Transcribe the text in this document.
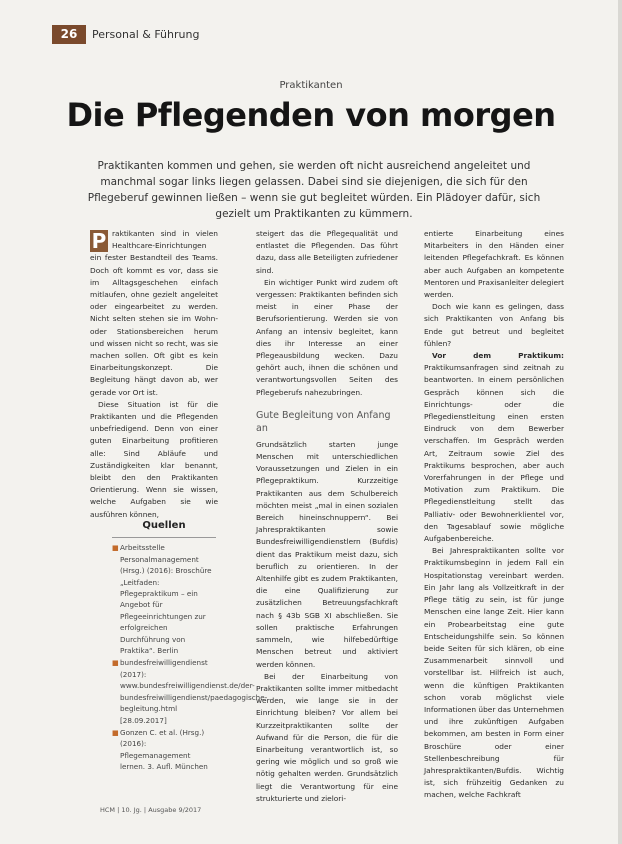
26	Personal & Führung
Praktikanten
Die Pflegenden von morgen
Praktikanten kommen und gehen, sie werden oft nicht ausreichend angeleitet und manchmal sogar links liegen gelassen. Dabei sind sie diejenigen, die sich für den Pflegeberuf gewinnen ließen – wenn sie gut begleitet würden. Ein Plädoyer dafür, sich gezielt um Praktikanten zu kümmern.

P raktikanten sind in vielen Healthcare-Einrichtungen ein fester Bestandteil des Teams. Doch oft kommt es vor, dass sie im Alltagsgeschehen einfach mitlaufen, ohne gezielt angeleitet oder eingearbeitet zu werden. Nicht selten stehen sie im Wohn- oder Stationsbereichen herum und wissen nicht so recht, was sie machen sollen. Oft gibt es kein Einarbeitungskonzept. Die Begleitung hängt davon ab, wer gerade vor Ort ist.

Diese Situation ist für die Praktikanten und die Pflegenden unbefriedigend. Denn von einer guten Einarbeitung profitieren alle: Sind Abläufe und Zuständigkeiten klar benannt, bleibt den den Praktikanten Orientierung. Wenn sie wissen, welche Aufgaben sie wie ausführen können,

steigert das die Pflegequalität und entlastet die Pflegenden. Das führt dazu, dass alle Beteiligten zufriedener sind.

Ein wichtiger Punkt wird zudem oft vergessen: Praktikanten befinden sich meist in einer Phase der Berufsorientierung. Werden sie von Anfang an intensiv begleitet, kann dies ihr Interesse an einer Pflegeausbildung wecken. Dazu gehört auch, ihnen die schönen und verantwortungsvollen Seiten des Pflegeberufs nahezubringen.

Gute Begleitung von Anfang an

Grundsätzlich starten junge Menschen mit unterschiedlichen Voraussetzungen und Zielen in ein Pflegepraktikum. Kurzzeitige Praktikanten aus dem Schulbereich möchten meist „mal in einen sozialen Bereich hineinschnuppern“. Bei Jahrespraktikanten sowie Bundesfreiwilligendienstlern (Bufdis) dient das Praktikum meist dazu, sich beruflich zu orientieren. In der Altenhilfe gibt es zudem Praktikanten, die eine Qualifizierung zur zusätzlichen Betreuungsfachkraft nach § 43b SGB XI abschließen. Sie sollen praktische Erfahrungen sammeln, wie hilfebedürftige Menschen betreut und aktiviert werden können.

Bei der Einarbeitung von Praktikanten sollte immer mitbedacht werden, wie lange sie in der Einrichtung bleiben? Vor allem bei Kurzzeitpraktikanten sollte der Aufwand für die Person, die für die Einarbeitung verantwortlich ist, so gering wie möglich und so groß wie nötig gehalten werden. Grundsätzlich liegt die Verantwortung für eine strukturierte und zielori-

entierte Einarbeitung eines Mitarbeiters in den Händen einer leitenden Pflegefachkraft. Es können aber auch Aufgaben an kompetente Mentoren und Praxisanleiter delegiert werden.

Doch wie kann es gelingen, dass sich Praktikanten von Anfang bis Ende gut betreut und begleitet fühlen?

Vor dem Praktikum: Praktikumsanfragen sind zeitnah zu beantworten. In einem persönlichen Gespräch können sich die Einrichtungs- oder die Pflegedienstleitung einen ersten Eindruck von dem Bewerber verschaffen. Im Gespräch werden Art, Zeitraum sowie Ziel des Praktikums besprochen, aber auch Vorerfahrungen in der Pflege und Motivation zum Praktikum. Die Pflegedienstleitung stellt das Palliativ- oder Bewohnerklientel vor, den Tagesablauf sowie mögliche Aufgabenbereiche.

Bei Jahrespraktikanten sollte vor Praktikumsbeginn in jedem Fall ein Hospitationstag vereinbart werden. Ein Jahr lang als Vollzeitkraft in der Pflege tätig zu sein, ist für junge Menschen eine lange Zeit. Hier kann ein Probearbeitstag eine gute Entscheidungshilfe sein. So können beide Seiten für sich klären, ob eine Zusammenarbeit sinnvoll und vorstellbar ist. Hilfreich ist auch, wenn die künftigen Praktikanten schon vorab möglichst viele Informationen über das Unternehmen und ihre zukünftigen Aufgaben bekommen, am besten in Form einer Broschüre oder einer Stellenbeschreibung für Jahrespraktikanten/Bufdis. Wichtig ist, sich frühzeitig Gedanken zu machen, welche Fachkraft

Quellen
■ Arbeitsstelle Personalmanagement (Hrsg.) (2016): Broschüre „Leitfaden: Pflegepraktikum – ein Angebot für Pflegeeinrichtungen zur erfolgreichen Durchführung von Praktika“. Berlin
■ bundesfreiwilligendienst (2017): www.bundesfreiwilligendienst.de/der-bundesfreiwilligendienst/paedagogische-begleitung.html [28.09.2017]
■ Gonzen C. et al. (Hrsg.) (2016): Pflegemanagement lernen. 3. Aufl. München
HCM | 10. Jg. | Ausgabe 9/2017
